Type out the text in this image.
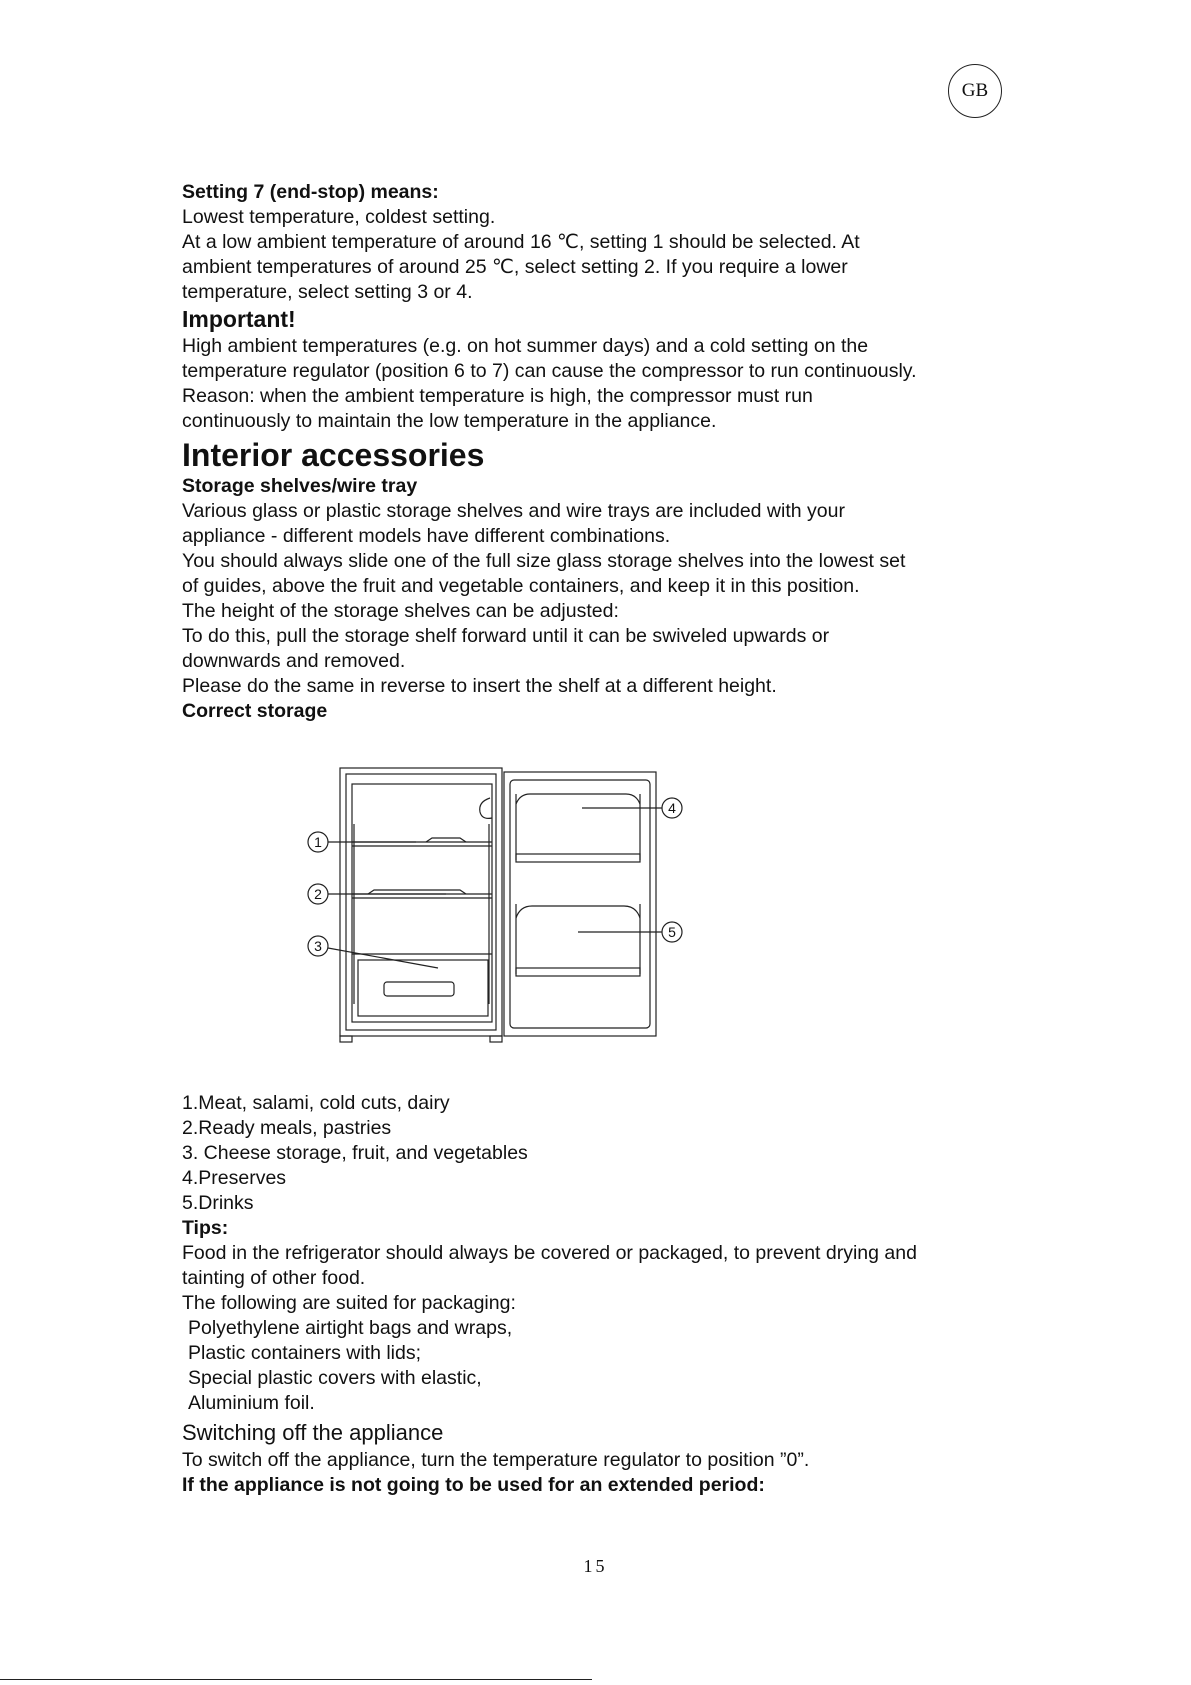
GB

Setting 7 (end-stop) means:

Lowest temperature, coldest setting.

At a low ambient temperature of around 16 ℃, setting 1 should be selected. At

ambient temperatures of around 25 ℃, select setting 2. If you require a lower

temperature, select setting 3 or 4.

Important!

High ambient temperatures (e.g. on hot summer days) and a cold setting on the

temperature regulator (position 6 to 7) can cause the compressor to run continuously.

Reason: when the ambient temperature is high, the compressor must run

continuously to maintain the low temperature in the appliance.

Interior accessories

Storage shelves/wire tray

Various glass or plastic storage shelves and wire trays are included with your

appliance - different models have different combinations.

You should always slide one of the full size glass storage shelves into the lowest set

of guides, above the fruit and vegetable containers, and keep it in this position.

The height of the storage shelves can be adjusted:

To do this, pull the storage shelf forward until it can be swiveled upwards or

downwards and removed.

Please do the same in reverse to insert the shelf at a different height.

Correct storage

1
2
3
4
5

1.Meat, salami, cold cuts, dairy

2.Ready meals, pastries

3. Cheese storage, fruit, and vegetables

4.Preserves

5.Drinks

Tips:

Food in the refrigerator should always be covered or packaged, to prevent drying and

tainting of other food.

The following are suited for packaging:

Polyethylene airtight bags and wraps,

Plastic containers with lids;

Special plastic covers with elastic,

Aluminium foil.

Switching off the appliance

To switch off the appliance, turn the temperature regulator to position ”0”.

If the appliance is not going to be used for an extended period:

15
